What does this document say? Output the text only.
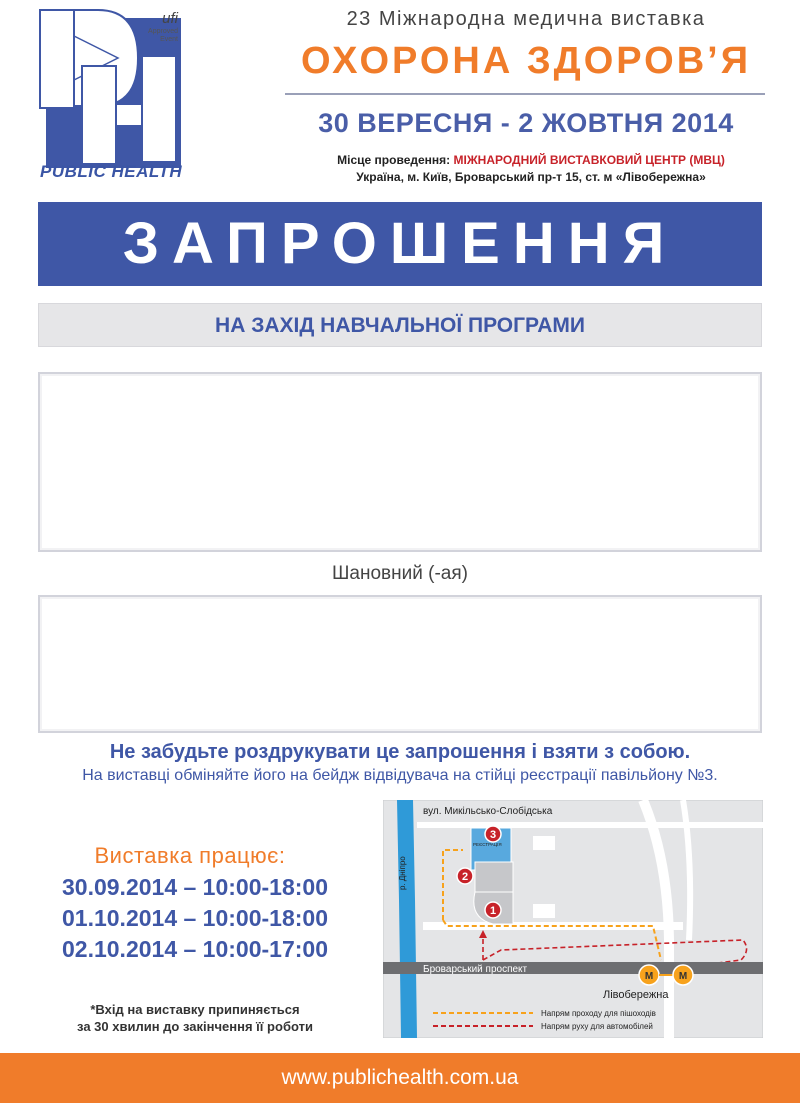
ufi
Approved
Event
PUBLIC HEALTH
23 Міжнародна медична виставка
ОХОРОНА ЗДОРОВ’Я
30 ВЕРЕСНЯ - 2 ЖОВТНЯ 2014
Місце проведення: МІЖНАРОДНИЙ ВИСТАВКОВИЙ ЦЕНТР (МВЦ)
Україна, м. Київ, Броварський пр-т 15, ст. м «Лівобережна»
ЗАПРОШЕННЯ
НА ЗАХІД НАВЧАЛЬНОЇ ПРОГРАМИ
Шановний (-ая)
Не забудьте роздрукувати це запрошення і взяти з собою.
На виставці обміняйте його на бейдж відвідувача на стійці реєстрації павільйону №3.
Виставка працює:
30.09.2014 – 10:00-18:00
01.10.2014 – 10:00-18:00
02.10.2014 – 10:00-17:00
*Вхід на виставку припиняється
за 30 хвилин до закінчення її роботи
р. Дніпро
вул. Микільсько-Слобідська
РЕЄСТРАЦІЯ
1
2
3
Броварський проспект
М	М
Лівобережна
Напрям проходу для пішоходів
Напрям руху для автомобілей
www.publichealth.com.ua
